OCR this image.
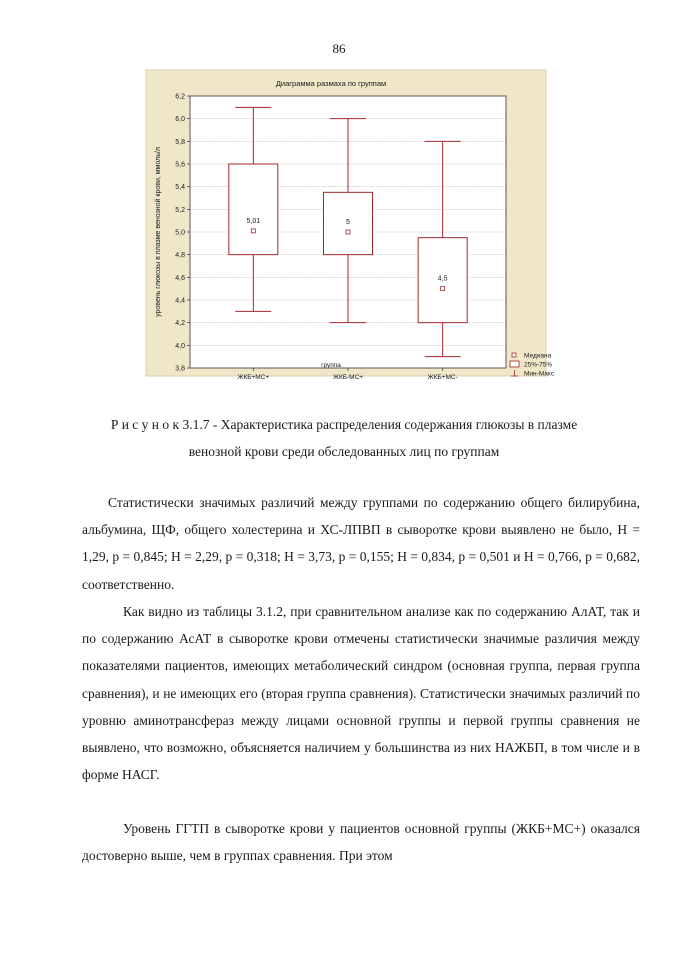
86
Диаграмма размаха по группам
3,8
4,0
4,2
4,4
4,6
4,8
5,0
5,2
5,4
5,6
5,8
6,0
6,2
5,01	5
4,5
ЖКБ+МС+	ЖКБ-МС+	ЖКБ+МС-
уровень глюкозы в плазме венозной крови, ммоль/л
группа
Медиана
25%-75%
Мин-Макс
Р и с у н о к 3.1.7 - Характеристика распределения содержания глюкозы в плазме венозной крови среди обследованных лиц по группам

Статистически значимых различий между группами по содержанию общего билирубина, альбумина, ЩФ, общего холестерина и ХС-ЛПВП в сыворотке крови выявлено не было, H = 1,29, p = 0,845; H = 2,29, p = 0,318; H = 3,73, p = 0,155; H = 0,834, p = 0,501 и H = 0,766, p = 0,682, соответственно.

Как видно из таблицы 3.1.2, при сравнительном анализе как по содержанию АлАТ, так и по содержанию АсАТ в сыворотке крови отмечены статистически значимые различия между показателями пациентов, имеющих метаболический синдром (основная группа, первая группа сравнения), и не имеющих его (вторая группа сравнения). Статистически значимых различий по уровню аминотрансфераз между лицами основной группы и первой группы сравнения не выявлено, что возможно, объясняется наличием у большинства из них НАЖБП, в том числе и в форме НАСГ.

Уровень ГГТП в сыворотке крови у пациентов основной группы (ЖКБ+МС+) оказался достоверно выше, чем в группах сравнения. При этом
